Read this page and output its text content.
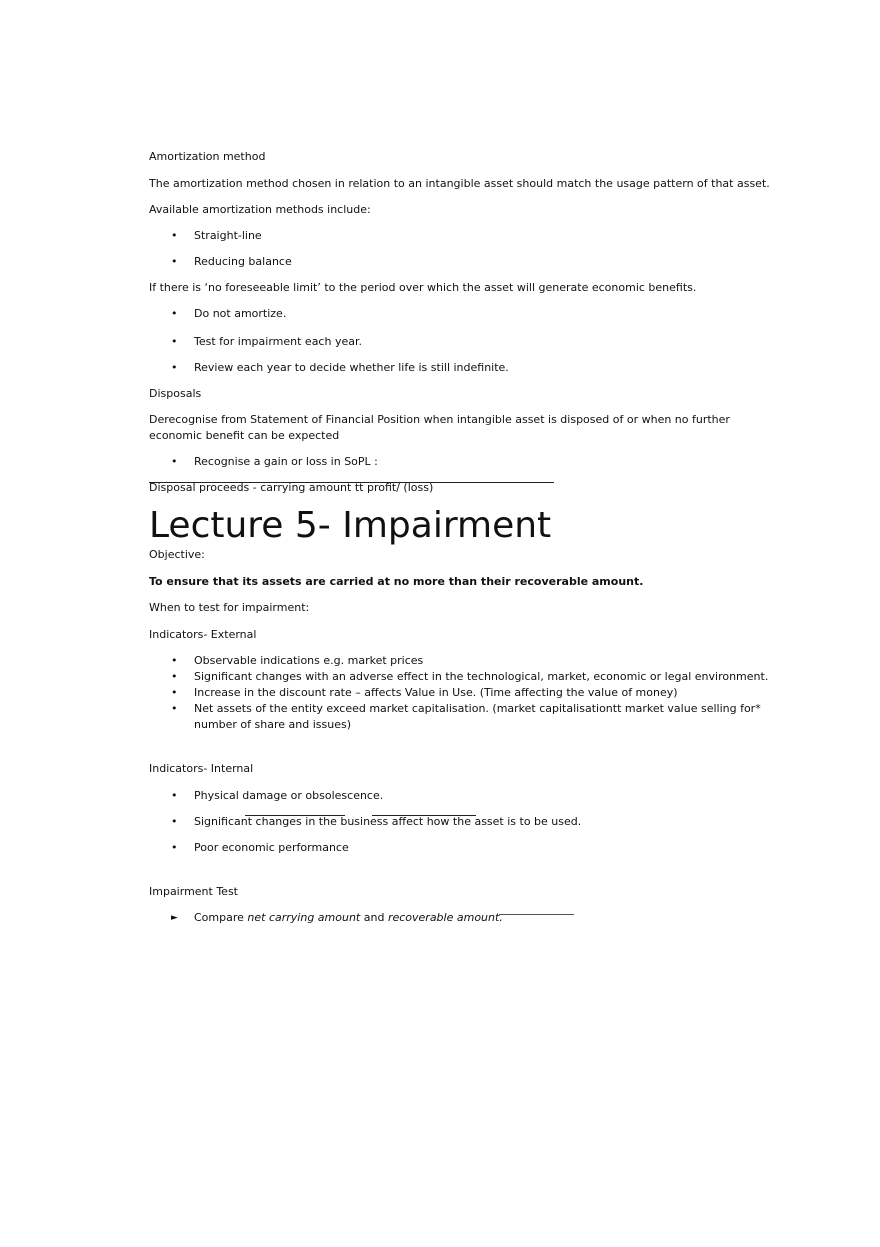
Amortization method
The amortization method chosen in relation to an intangible asset should match the usage pattern of that asset.
Available amortization methods include:
• Straight-line
• Reducing balance
If there is ‘no foreseeable limit’ to the period over which the asset will generate economic benefits.
• Do not amortize.
• Test for impairment each year.
• Review each year to decide whether life is still indefinite.
Disposals
Derecognise from Statement of Financial Position when intangible asset is disposed of or when no further
economic benefit can be expected
• Recognise a gain or loss in SoPL :
Disposal proceeds - carrying amount tt profit/ (loss)
Lecture 5- Impairment
Objective:
To ensure that its assets are carried at no more than their recoverable amount.
When to test for impairment:
Indicators- External
• Observable indications e.g. market prices
• Significant changes with an adverse effect in the technological, market, economic or legal environment.
• Increase in the discount rate – affects Value in Use. (Time affecting the value of money)
• Net assets of the entity exceed market capitalisation. (market capitalisationtt market value selling for*
number of share and issues)
Indicators- Internal
• Physical damage or obsolescence.
• Significant changes in the business affect how the asset is to be used.
• Poor economic performance
Impairment Test
► Compare net carrying amount and recoverable amount.
